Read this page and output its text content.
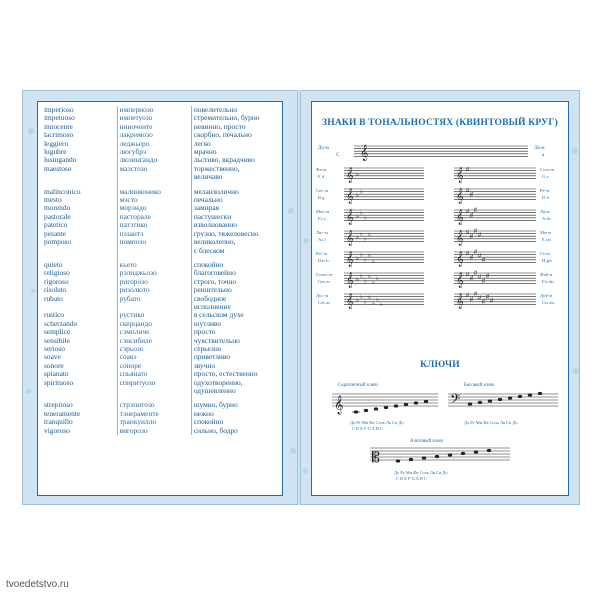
imperioso	империозо	повелительно
impetuoso	импетуозо	стремительно, бурно
innocente	инноченте	невинно, просто
lacrimoso	лакримозо	скорбно, печально
leggiero	леджьеро	легко
lugubre	люгубрэ	мрачно
lusingando	люзингандо	льстиво, вкрадчиво
maestoso	маэстозо	торжественно,
		величаво

malinconico	малинконико	меланхолично
mesto	мэсто	печально
morendo	морэндо	замирая
pastorale	пасторале	пастушески
patetico	патэтико	взволнованно
pesante	пэзантэ	грузно, тяжеловесно
pomposo	помпозо	великолепно,
		с блеском

quieto	кьето	спокойно
religioso	рэлиджьозо	благоговейно
rigoroso	ригорозо	строго, точно
risoluto	ризолюто	решительно
rubato	рубато	свободное
		исполнение
rustico	рустико	в сельском духе
scherzando	скерцандо	шутливо
semplice	сэмпличе	просто
sensibile	сэнсибиле	чувствительно
serioso	сэрьозо	серьезно
soave	соавэ	приветливо
sonore	соноре	звучно
spianato	спьянато	просто, естественно
spirituoso	спиритуозо	одухотворенно,
		одушевленно

strepitoso	стрэпитозо	шумно, бурно
teneramente	тэнераменте	нежно
tranquillo	транкуилло	спокойно
vigoroso	вигорозо	сильно, бодро
ЗНАКИ В ТОНАЛЬНОСТЯХ (КВИНТОВЫЙ КРУГ)
𝄞
До-м
C
Ля-м
a
𝄞	𝄞
♭
♯
Фа-м
F d
Соль-м
G e
𝄞	𝄞
♭
♭	♯
♯
Си♭-м
B g
Ре-м
D h
𝄞	𝄞
♭
♭
♭
♯
♯
♯
Ми♭-м
Es c
Ля-м
A fis
𝄞	𝄞
♭
♭
♭
♭	♯
♯
♯
♯
Ля♭-м
As f
Ми-м
E cis
𝄞	𝄞
♭
♭
♭
♭
♭
♯
♯
♯
♯
♯
Ре♭-м
Des b
Си-м
H gis
𝄞	𝄞
♭
♭
♭
♭
♭
♭
♯
♯
♯
♯
♯
♯
Соль♭-м
Ges es
Фа♯-м
Fis dis
𝄞	𝄞
♭
♭
♭
♭
♭
♭
♭
♯
♯
♯
♯
♯
♯
♯
До♭-м
Ces as
До♯-м
Cis ais
КЛЮЧИ
Скрипичный ключ	Басовый ключ
𝄞	𝄢
До Ре Ми Фа Соль Ля Си До
C D E F G A H C
До Ре Ми Фа Соль Ля Си До
Альтовый ключ
𝄡
До Ре Ми Фа Соль Ля Си До
C D E F G A H C
tvoedetstvo.ru
